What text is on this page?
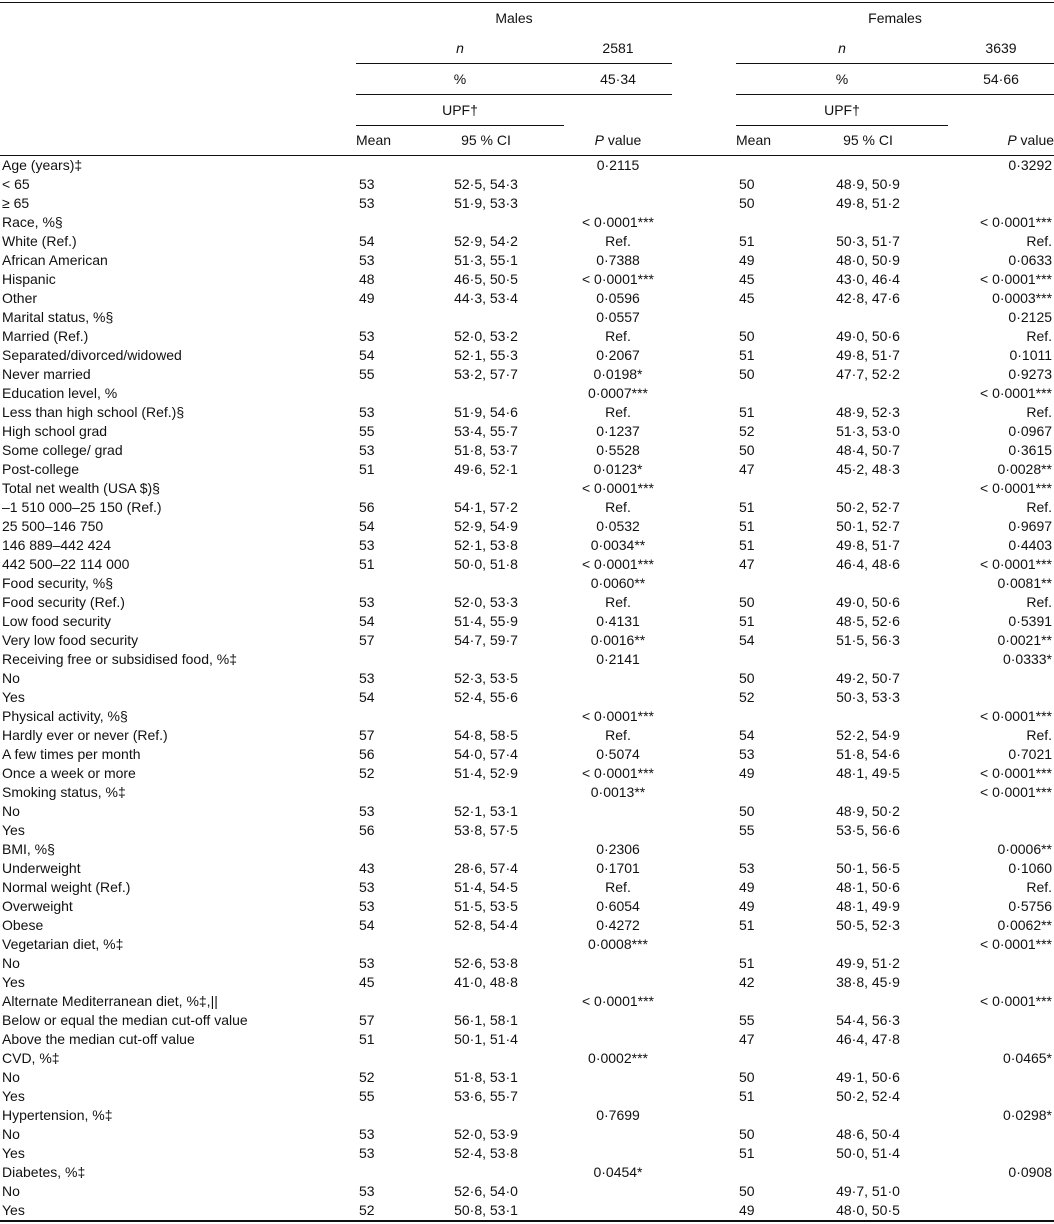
	Males				Females		
	n		2581		n		3639
	%		45·34		%		54·66
	UPF†				UPF†		
	Mean	95 % CI	P value		Mean	95 % CI	P value
Age (years)‡			0·2115				0·3292
< 65	53	52·5, 54·3			50	48·9, 50·9	
≥ 65	53	51·9, 53·3			50	49·8, 51·2	
Race, %§			< 0·0001***				< 0·0001***
White (Ref.)	54	52·9, 54·2	Ref.		51	50·3, 51·7	Ref.
African American	53	51·3, 55·1	0·7388		49	48·0, 50·9	0·0633
Hispanic	48	46·5, 50·5	< 0·0001***		45	43·0, 46·4	< 0·0001***
Other	49	44·3, 53·4	0·0596		45	42·8, 47·6	0·0003***
Marital status, %§			0·0557				0·2125
Married (Ref.)	53	52·0, 53·2	Ref.		50	49·0, 50·6	Ref.
Separated/divorced/widowed	54	52·1, 55·3	0·2067		51	49·8, 51·7	0·1011
Never married	55	53·2, 57·7	0·0198*		50	47·7, 52·2	0·9273
Education level, %			0·0007***				< 0·0001***
Less than high school (Ref.)§	53	51·9, 54·6	Ref.		51	48·9, 52·3	Ref.
High school grad	55	53·4, 55·7	0·1237		52	51·3, 53·0	0·0967
Some college/ grad	53	51·8, 53·7	0·5528		50	48·4, 50·7	0·3615
Post-college	51	49·6, 52·1	0·0123*		47	45·2, 48·3	0·0028**
Total net wealth (USA $)§			< 0·0001***				< 0·0001***
–1 510 000–25 150 (Ref.)	56	54·1, 57·2	Ref.		51	50·2, 52·7	Ref.
25 500–146 750	54	52·9, 54·9	0·0532		51	50·1, 52·7	0·9697
146 889–442 424	53	52·1, 53·8	0·0034**		51	49·8, 51·7	0·4403
442 500–22 114 000	51	50·0, 51·8	< 0·0001***		47	46·4, 48·6	< 0·0001***
Food security, %§			0·0060**				0·0081**
Food security (Ref.)	53	52·0, 53·3	Ref.		50	49·0, 50·6	Ref.
Low food security	54	51·4, 55·9	0·4131		51	48·5, 52·6	0·5391
Very low food security	57	54·7, 59·7	0·0016**		54	51·5, 56·3	0·0021**
Receiving free or subsidised food, %‡			0·2141				0·0333*
No	53	52·3, 53·5			50	49·2, 50·7	
Yes	54	52·4, 55·6			52	50·3, 53·3	
Physical activity, %§			< 0·0001***				< 0·0001***
Hardly ever or never (Ref.)	57	54·8, 58·5	Ref.		54	52·2, 54·9	Ref.
A few times per month	56	54·0, 57·4	0·5074		53	51·8, 54·6	0·7021
Once a week or more	52	51·4, 52·9	< 0·0001***		49	48·1, 49·5	< 0·0001***
Smoking status, %‡			0·0013**				< 0·0001***
No	53	52·1, 53·1			50	48·9, 50·2	
Yes	56	53·8, 57·5			55	53·5, 56·6	
BMI, %§			0·2306				0·0006**
Underweight	43	28·6, 57·4	0·1701		53	50·1, 56·5	0·1060
Normal weight (Ref.)	53	51·4, 54·5	Ref.		49	48·1, 50·6	Ref.
Overweight	53	51·5, 53·5	0·6054		49	48·1, 49·9	0·5756
Obese	54	52·8, 54·4	0·4272		51	50·5, 52·3	0·0062**
Vegetarian diet, %‡			0·0008***				< 0·0001***
No	53	52·6, 53·8			51	49·9, 51·2	
Yes	45	41·0, 48·8			42	38·8, 45·9	
Alternate Mediterranean diet, %‡,||			< 0·0001***				< 0·0001***
Below or equal the median cut-off value	57	56·1, 58·1			55	54·4, 56·3	
Above the median cut-off value	51	50·1, 51·4			47	46·4, 47·8	
CVD, %‡			0·0002***				0·0465*
No	52	51·8, 53·1			50	49·1, 50·6	
Yes	55	53·6, 55·7			51	50·2, 52·4	
Hypertension, %‡			0·7699				0·0298*
No	53	52·0, 53·9			50	48·6, 50·4	
Yes	53	52·4, 53·8			51	50·0, 51·4	
Diabetes, %‡			0·0454*				0·0908
No	53	52·6, 54·0			50	49·7, 51·0	
Yes	52	50·8, 53·1			49	48·0, 50·5	
